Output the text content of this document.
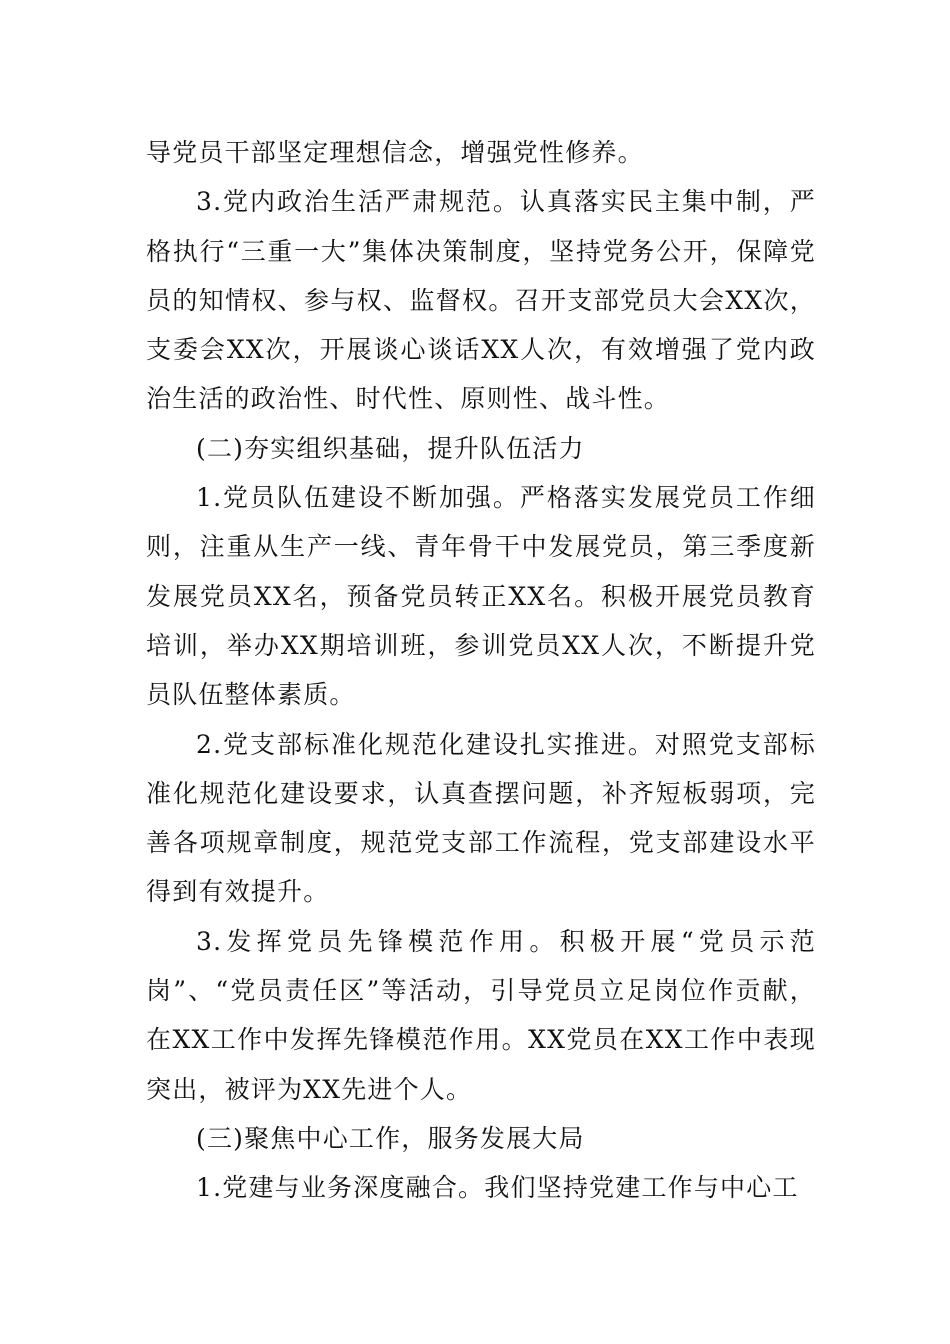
导党员干部坚定理想信念，增强党性修养。

3.党内政治生活严肃规范。认真落实民主集中制，严格执行“三重一大”集体决策制度，坚持党务公开，保障党员的知情权、参与权、监督权。召开支部党员大会XX次，支委会XX次，开展谈心谈话XX人次，有效增强了党内政治生活的政治性、时代性、原则性、战斗性。

(二)夯实组织基础，提升队伍活力

1.党员队伍建设不断加强。严格落实发展党员工作细则，注重从生产一线、青年骨干中发展党员，第三季度新发展党员XX名，预备党员转正XX名。积极开展党员教育培训，举办XX期培训班，参训党员XX人次，不断提升党员队伍整体素质。

2.党支部标准化规范化建设扎实推进。对照党支部标准化规范化建设要求，认真查摆问题，补齐短板弱项，完善各项规章制度，规范党支部工作流程，党支部建设水平得到有效提升。

3.发挥党员先锋模范作用。积极开展“党员示范岗”、“党员责任区”等活动，引导党员立足岗位作贡献，在XX工作中发挥先锋模范作用。XX党员在XX工作中表现突出，被评为XX先进个人。

(三)聚焦中心工作，服务发展大局

1.党建与业务深度融合。我们坚持党建工作与中心工
